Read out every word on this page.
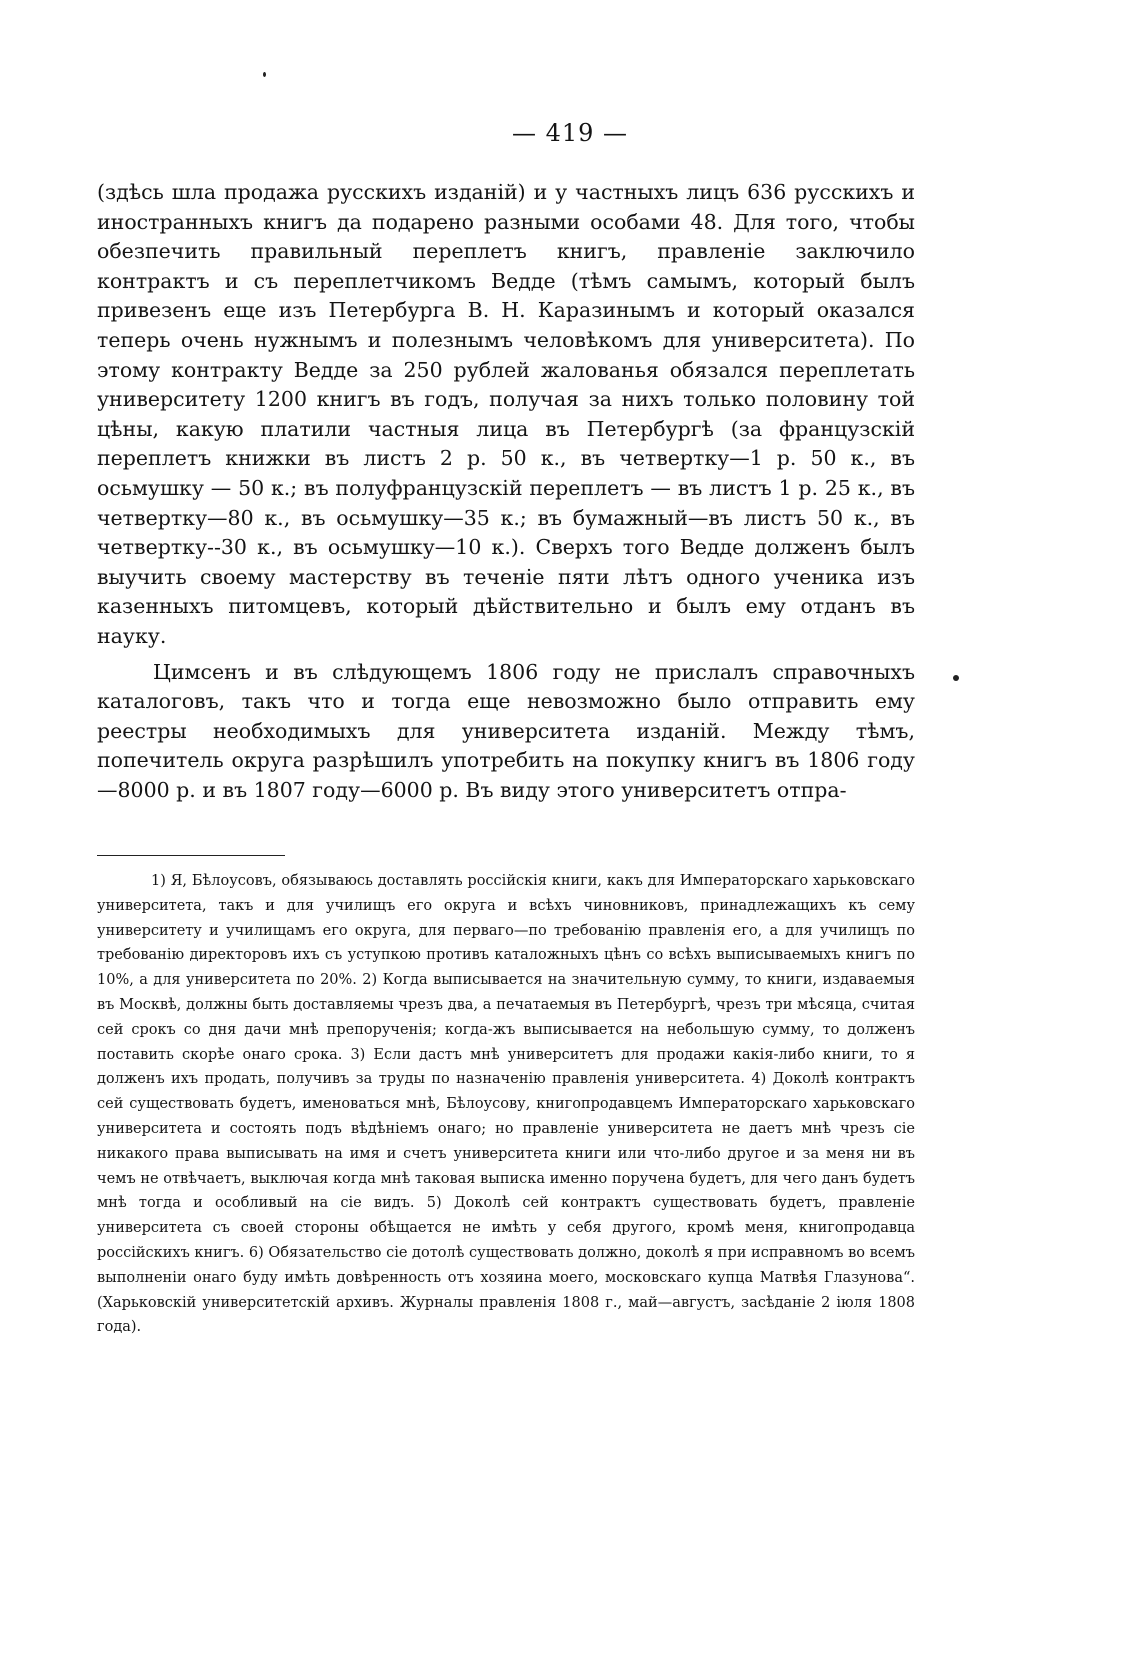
— 419 —

(здѣсь шла продажа русскихъ изданій) и у частныхъ лицъ 636 русскихъ и иностранныхъ книгъ да подарено разными особами 48. Для того, чтобы обезпечить правильный переплетъ книгъ, правленіе заключило контрактъ и съ переплетчикомъ Ведде (тѣмъ самымъ, который былъ привезенъ еще изъ Петербурга В. Н. Каразинымъ и который оказался теперь очень нужнымъ и полезнымъ человѣкомъ для университета). По этому контракту Ведде за 250 рублей жалованья обязался переплетать университету 1200 книгъ въ годъ, получая за нихъ только половину той цѣны, какую платили частныя лица въ Петербургѣ (за французскій переплетъ книжки въ листъ 2 р. 50 к., въ четвертку—1 р. 50 к., въ осьмушку — 50 к.; въ полуфранцузскій переплетъ — въ листъ 1 р. 25 к., въ четвертку—80 к., въ осьмушку—35 к.; въ бумажный—въ листъ 50 к., въ четвертку--30 к., въ осьмушку—10 к.). Сверхъ того Ведде долженъ былъ выучить своему мастерству въ теченіе пяти лѣтъ одного ученика изъ казенныхъ питомцевъ, который дѣйствительно и былъ ему отданъ въ науку.

Цимсенъ и въ слѣдующемъ 1806 году не прислалъ справочныхъ каталоговъ, такъ что и тогда еще невозможно было отправить ему реестры необходимыхъ для университета изданій. Между тѣмъ, попечитель округа разрѣшилъ употребить на покупку книгъ въ 1806 году—8000 р. и въ 1807 году—6000 р. Въ виду этого университетъ отпра-

1) Я, Бѣлоусовъ, обязываюсь доставлять россійскія книги, какъ для Императорскаго харьковскаго университета, такъ и для училищъ его округа и всѣхъ чиновниковъ, принадлежащихъ къ сему университету и училищамъ его округа, для перваго—по требованію правленія его, а для училищъ по требованію директоровъ ихъ съ уступкою противъ каталожныхъ цѣнъ со всѣхъ выписываемыхъ книгъ по 10%, а для университета по 20%. 2) Когда выписывается на значительную сумму, то книги, издаваемыя въ Москвѣ, должны быть доставляемы чрезъ два, а печатаемыя въ Петербургѣ, чрезъ три мѣсяца, считая сей срокъ со дня дачи мнѣ препорученія; когда-жъ выписывается на небольшую сумму, то долженъ поставить скорѣе онаго срока. 3) Если дастъ мнѣ университетъ для продажи какія-либо книги, то я долженъ ихъ продать, получивъ за труды по назначенію правленія университета. 4) Доколѣ контрактъ сей существовать будетъ, именоваться мнѣ, Бѣлоусову, книгопродавцемъ Императорскаго харьковскаго университета и состоять подъ вѣдѣніемъ онаго; но правленіе университета не даетъ мнѣ чрезъ сіе никакого права выписывать на имя и счетъ университета книги или что-либо другое и за меня ни въ чемъ не отвѣчаетъ, выключая когда мнѣ таковая выписка именно поручена будетъ, для чего данъ будетъ мнѣ тогда и особливый на сіе видъ. 5) Доколѣ сей контрактъ существовать будетъ, правленіе университета съ своей стороны обѣщается не имѣть у себя другого, кромѣ меня, книгопродавца россійскихъ книгъ. 6) Обязательство сіе дотолѣ существовать должно, доколѣ я при исправномъ во всемъ выполненіи онаго буду имѣть довѣренность отъ хозяина моего, московскаго купца Матвѣя Глазунова“. (Харьковскій университетскій архивъ. Журналы правленія 1808 г., май—августъ, засѣданіе 2 іюля 1808 года).
